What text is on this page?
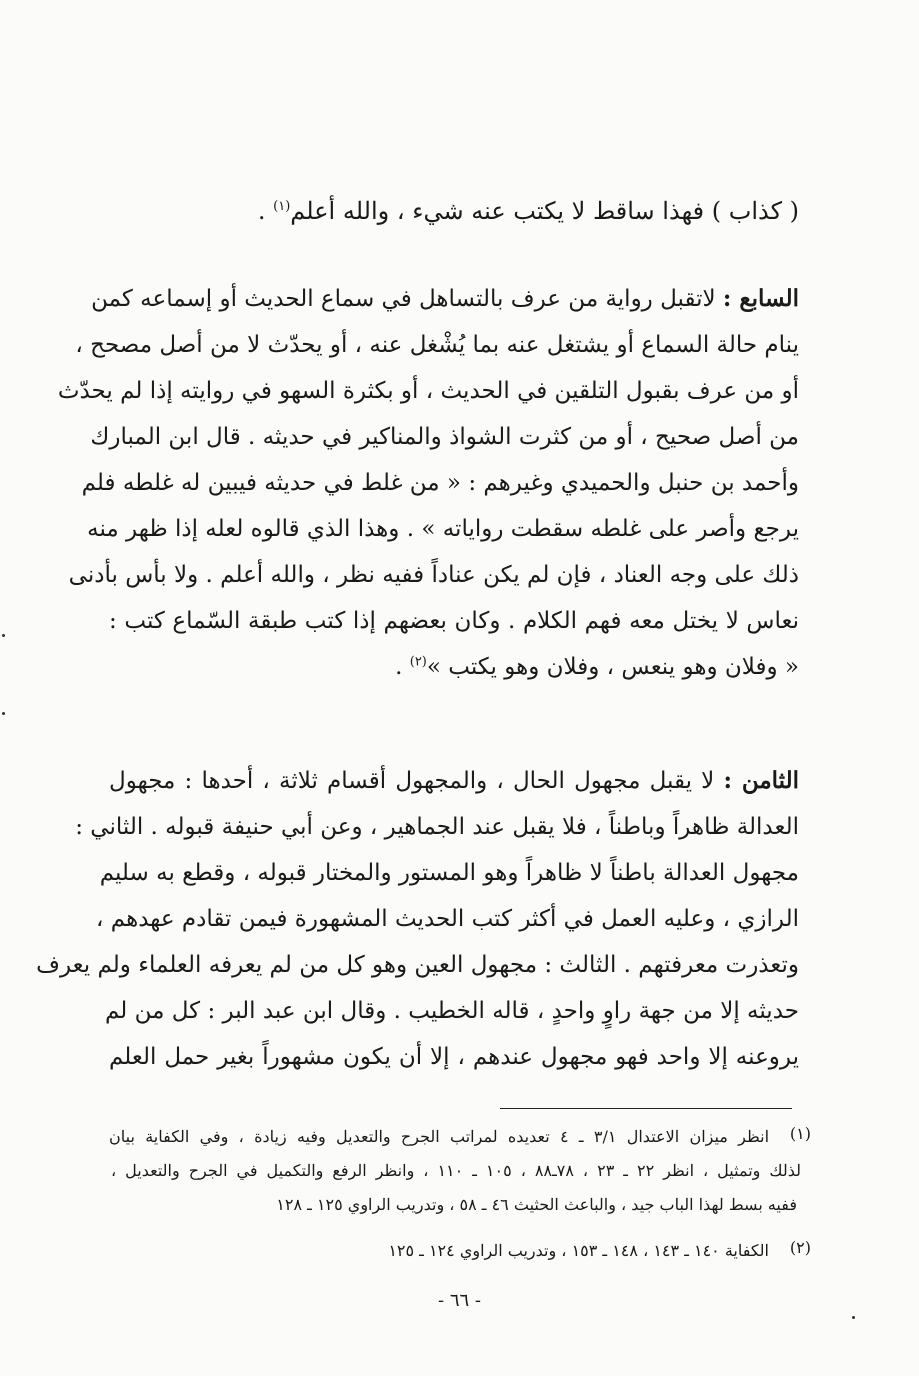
( كذاب ) فهذا ساقط لا يكتب عنه شيء ، والله أعلم$^{(١)}$ .
السابع : لاتقبل رواية من عرف بالتساهل في سماع الحديث أو إسماعه كمن
ينام حالة السماع أو يشتغل عنه بما يُشْغل عنه ، أو يحدّث لا من أصل مصحح ،
أو من عرف بقبول التلقين في الحديث ، أو بكثرة السهو في روايته إذا لم يحدّث
من أصل صحيح ، أو من كثرت الشواذ والمناكير في حديثه . قال ابن المبارك
وأحمد بن حنبل والحميدي وغيرهم : « من غلط في حديثه فيبين له غلطه فلم
يرجع وأصر على غلطه سقطت رواياته » . وهذا الذي قالوه لعله إذا ظهر منه
ذلك على وجه العناد ، فإن لم يكن عناداً ففيه نظر ، والله أعلم . ولا بأس بأدنى
نعاس لا يختل معه فهم الكلام . وكان بعضهم إذا كتب طبقة السّماع كتب :
« وفلان وهو ينعس ، وفلان وهو يكتب »$^{(٢)}$ .
الثامن : لا يقبل مجهول الحال ، والمجهول أقسام ثلاثة ، أحدها : مجهول
العدالة ظاهراً وباطناً ، فلا يقبل عند الجماهير ، وعن أبي حنيفة قبوله . الثاني :
مجهول العدالة باطناً لا ظاهراً وهو المستور والمختار قبوله ، وقطع به سليم
الرازي ، وعليه العمل في أكثر كتب الحديث المشهورة فيمن تقادم عهدهم ،
وتعذرت معرفتهم . الثالث : مجهول العين وهو كل من لم يعرفه العلماء ولم يعرف
حديثه إلا من جهة راوٍ واحدٍ ، قاله الخطيب . وقال ابن عبد البر : كل من لم
يروعنه إلا واحد فهو مجهول عندهم ، إلا أن يكون مشهوراً بغير حمل العلم
(١)
انظر ميزان الاعتدال ٣/١ ـ ٤ تعديده لمراتب الجرح والتعديل وفيه زيادة ، وفي الكفاية بيان
لذلك وتمثيل ، انظر ٢٢ ـ ٢٣ ، ٧٨ـ٨٨ ، ١٠٥ ـ ١١٠ ، وانظر الرفع والتكميل في الجرح والتعديل ،
ففيه بسط لهذا الباب جيد ، والباعث الحثيث ٤٦ ـ ٥٨ ، وتدريب الراوي ١٢٥ ـ ١٢٨
(٢)
الكفاية ١٤٠ ـ ١٤٣ ، ١٤٨ ـ ١٥٣ ، وتدريب الراوي ١٢٤ ـ ١٢٥
- ٦٦ -
